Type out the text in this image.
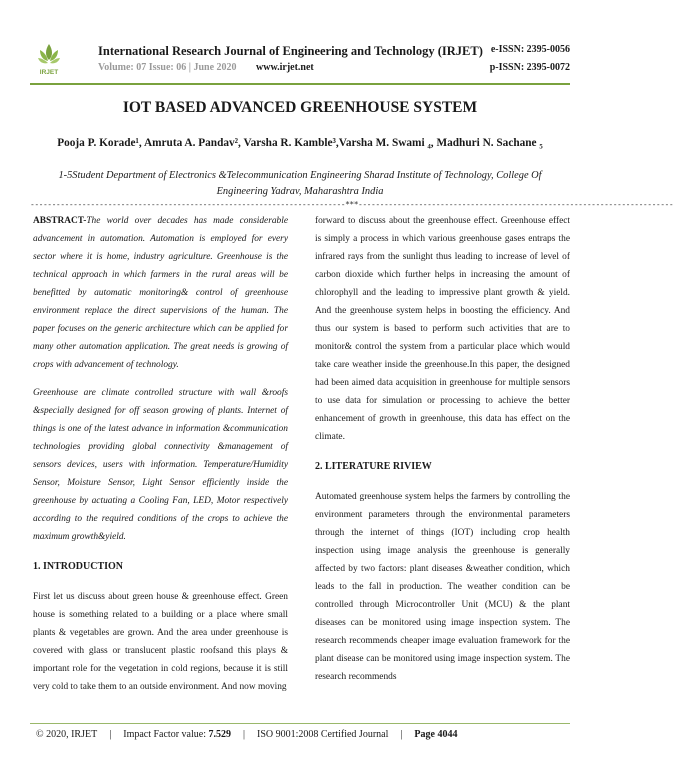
IRJET
International Research Journal of Engineering and Technology (IRJET)
Volume: 07 Issue: 06 | June 2020 www.irjet.net
e-ISSN: 2395-0056
p-ISSN: 2395-0072
IOT BASED ADVANCED GREENHOUSE SYSTEM
Pooja P. Korade¹, Amruta A. Pandav², Varsha R. Kamble³,Varsha M. Swami ₄, Madhuri N. Sachane ₅
1-5Student Department of Electronics &Telecommunication Engineering Sharad Institute of Technology, College Of Engineering Yadrav, Maharashtra India
-------------------------------------------------------------------------***-------------------------------------------------------------------------

ABSTRACT-The world over decades has made considerable advancement in automation. Automation is employed for every sector where it is home, industry agriculture. Greenhouse is the technical approach in which farmers in the rural areas will be benefitted by automatic monitoring& control of greenhouse environment replace the direct supervisions of the human. The paper focuses on the generic architecture which can be applied for many other automation application. The great needs is growing of crops with advancement of technology.

Greenhouse are climate controlled structure with wall &roofs &specially designed for off season growing of plants. Internet of things is one of the latest advance in information &communication technologies providing global connectivity &management of sensors devices, users with information. Temperature/Humidity Sensor, Moisture Sensor, Light Sensor efficiently inside the greenhouse by actuating a Cooling Fan, LED, Motor respectively according to the required conditions of the crops to achieve the maximum growth&yield.

1. INTRODUCTION

First let us discuss about green house & greenhouse effect. Green house is something related to a building or a place where small plants & vegetables are grown. And the area under greenhouse is covered with glass or translucent plastic roofsand this plays & important role for the vegetation in cold regions, because it is still very cold to take them to an outside environment. And now moving

forward to discuss about the greenhouse effect. Greenhouse effect is simply a process in which various greenhouse gases entraps the infrared rays from the sunlight thus leading to increase of level of carbon dioxide which further helps in increasing the amount of chlorophyll and the leading to impressive plant growth & yield. And the greenhouse system helps in boosting the efficiency. And thus our system is based to perform such activities that are to monitor& control the system from a particular place which would take care weather inside the greenhouse.In this paper, the designed had been aimed data acquisition in greenhouse for multiple sensors to use data for simulation or processing to achieve the better enhancement of growth in greenhouse, this data has effect on the climate.

2. LITERATURE RIVIEW

Automated greenhouse system helps the farmers by controlling the environment parameters through the environmental parameters through the internet of things (IOT) including crop health inspection using image analysis the greenhouse is generally affected by two factors: plant diseases &weather condition, which leads to the fall in production. The weather condition can be controlled through Microcontroller Unit (MCU) & the plant diseases can be monitored using image inspection system. The research recommends cheaper image evaluation framework for the plant disease can be monitored using image inspection system. The research recommends

© 2020, IRJET | Impact Factor value: 7.529 | ISO 9001:2008 Certified Journal | Page 4044
